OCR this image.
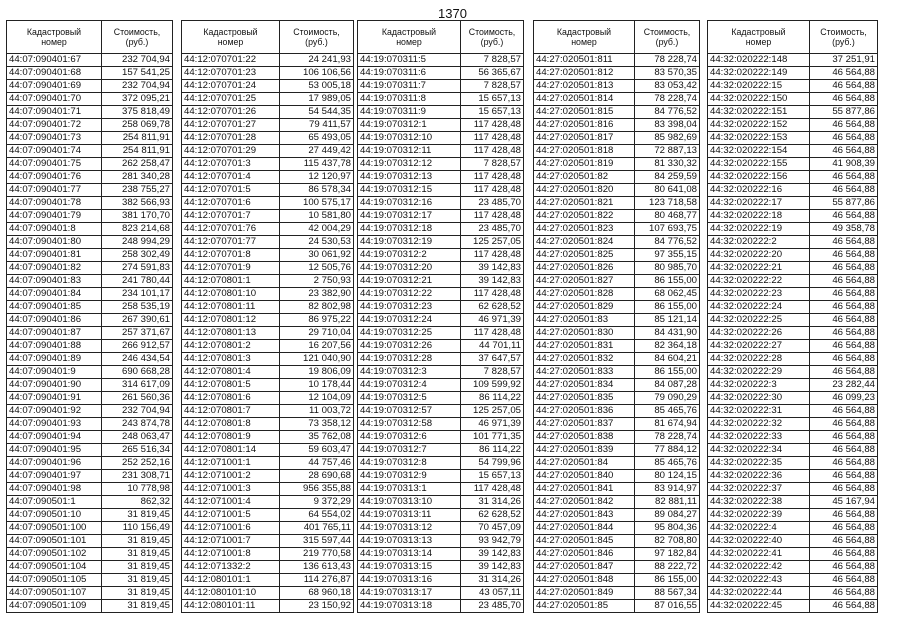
1370
Кадастровый
номер	Стоимость,
(руб.)

44:07:090401:67	232 704,94
44:07:090401:68	157 541,25
44:07:090401:69	232 704,94
44:07:090401:70	372 095,21
44:07:090401:71	375 818,49
44:07:090401:72	258 069,78
44:07:090401:73	254 811,91
44:07:090401:74	254 811,91
44:07:090401:75	262 258,47
44:07:090401:76	281 340,28
44:07:090401:77	238 755,27
44:07:090401:78	382 566,93
44:07:090401:79	381 170,70
44:07:090401:8	823 214,68
44:07:090401:80	248 994,29
44:07:090401:81	258 302,49
44:07:090401:82	274 591,83
44:07:090401:83	241 780,44
44:07:090401:84	234 101,17
44:07:090401:85	258 535,19
44:07:090401:86	267 390,61
44:07:090401:87	257 371,67
44:07:090401:88	266 912,57
44:07:090401:89	246 434,54
44:07:090401:9	690 668,28
44:07:090401:90	314 617,09
44:07:090401:91	261 560,36
44:07:090401:92	232 704,94
44:07:090401:93	243 874,78
44:07:090401:94	248 063,47
44:07:090401:95	265 516,34
44:07:090401:96	252 252,16
44:07:090401:97	231 308,71
44:07:090401:98	10 778,98
44:07:090501:1	862,32
44:07:090501:10	31 819,45
44:07:090501:100	110 156,49
44:07:090501:101	31 819,45
44:07:090501:102	31 819,45
44:07:090501:104	31 819,45
44:07:090501:105	31 819,45
44:07:090501:107	31 819,45
44:07:090501:109	31 819,45
Кадастровый
номер	Стоимость,
(руб.)

44:12:070701:22	24 241,93
44:12:070701:23	106 106,56
44:12:070701:24	53 005,18
44:12:070701:25	17 989,05
44:12:070701:26	54 544,35
44:12:070701:27	79 411,57
44:12:070701:28	65 493,05
44:12:070701:29	27 449,42
44:12:070701:3	115 437,78
44:12:070701:4	12 120,97
44:12:070701:5	86 578,34
44:12:070701:6	100 575,17
44:12:070701:7	10 581,80
44:12:070701:76	42 004,29
44:12:070701:77	24 530,53
44:12:070701:8	30 061,92
44:12:070701:9	12 505,76
44:12:070801:1	2 750,93
44:12:070801:10	23 382,90
44:12:070801:11	82 802,98
44:12:070801:12	86 975,22
44:12:070801:13	29 710,04
44:12:070801:2	16 207,56
44:12:070801:3	121 040,90
44:12:070801:4	19 806,09
44:12:070801:5	10 178,44
44:12:070801:6	12 104,09
44:12:070801:7	11 003,72
44:12:070801:8	73 358,12
44:12:070801:9	35 762,08
44:12:070801:14	59 603,47
44:12:071001:1	44 757,46
44:12:071001:2	28 690,68
44:12:071001:3	956 355,88
44:12:071001:4	9 372,29
44:12:071001:5	64 554,02
44:12:071001:6	401 765,11
44:12:071001:7	315 597,44
44:12:071001:8	219 770,58
44:12:071332:2	136 613,43
44:12:080101:1	114 276,87
44:12:080101:10	68 960,18
44:12:080101:11	23 150,92
Кадастровый
номер	Стоимость,
(руб.)

44:19:070311:5	7 828,57
44:19:070311:6	56 365,67
44:19:070311:7	7 828,57
44:19:070311:8	15 657,13
44:19:070311:9	15 657,13
44:19:070312:1	117 428,48
44:19:070312:10	117 428,48
44:19:070312:11	117 428,48
44:19:070312:12	7 828,57
44:19:070312:13	117 428,48
44:19:070312:15	117 428,48
44:19:070312:16	23 485,70
44:19:070312:17	117 428,48
44:19:070312:18	23 485,70
44:19:070312:19	125 257,05
44:19:070312:2	117 428,48
44:19:070312:20	39 142,83
44:19:070312:21	39 142,83
44:19:070312:22	117 428,48
44:19:070312:23	62 628,52
44:19:070312:24	46 971,39
44:19:070312:25	117 428,48
44:19:070312:26	44 701,11
44:19:070312:28	37 647,57
44:19:070312:3	7 828,57
44:19:070312:4	109 599,92
44:19:070312:5	86 114,22
44:19:070312:57	125 257,05
44:19:070312:58	46 971,39
44:19:070312:6	101 771,35
44:19:070312:7	86 114,22
44:19:070312:8	54 799,96
44:19:070312:9	15 657,13
44:19:070313:1	117 428,48
44:19:070313:10	31 314,26
44:19:070313:11	62 628,52
44:19:070313:12	70 457,09
44:19:070313:13	93 942,79
44:19:070313:14	39 142,83
44:19:070313:15	39 142,83
44:19:070313:16	31 314,26
44:19:070313:17	43 057,11
44:19:070313:18	23 485,70
Кадастровый
номер	Стоимость,
(руб.)

44:27:020501:811	78 228,74
44:27:020501:812	83 570,35
44:27:020501:813	83 053,42
44:27:020501:814	78 228,74
44:27:020501:815	84 776,52
44:27:020501:816	83 398,04
44:27:020501:817	85 982,69
44:27:020501:818	72 887,13
44:27:020501:819	81 330,32
44:27:020501:82	84 259,59
44:27:020501:820	80 641,08
44:27:020501:821	123 718,58
44:27:020501:822	80 468,77
44:27:020501:823	107 693,75
44:27:020501:824	84 776,52
44:27:020501:825	97 355,15
44:27:020501:826	80 985,70
44:27:020501:827	86 155,00
44:27:020501:828	68 062,45
44:27:020501:829	86 155,00
44:27:020501:83	85 121,14
44:27:020501:830	84 431,90
44:27:020501:831	82 364,18
44:27:020501:832	84 604,21
44:27:020501:833	86 155,00
44:27:020501:834	84 087,28
44:27:020501:835	79 090,29
44:27:020501:836	85 465,76
44:27:020501:837	81 674,94
44:27:020501:838	78 228,74
44:27:020501:839	77 884,12
44:27:020501:84	85 465,76
44:27:020501:840	80 124,15
44:27:020501:841	83 914,97
44:27:020501:842	82 881,11
44:27:020501:843	89 084,27
44:27:020501:844	95 804,36
44:27:020501:845	82 708,80
44:27:020501:846	97 182,84
44:27:020501:847	88 222,72
44:27:020501:848	86 155,00
44:27:020501:849	88 567,34
44:27:020501:85	87 016,55
Кадастровый
номер	Стоимость,
(руб.)

44:32:020222:148	37 251,91
44:32:020222:149	46 564,88
44:32:020222:15	46 564,88
44:32:020222:150	46 564,88
44:32:020222:151	55 877,86
44:32:020222:152	46 564,88
44:32:020222:153	46 564,88
44:32:020222:154	46 564,88
44:32:020222:155	41 908,39
44:32:020222:156	46 564,88
44:32:020222:16	46 564,88
44:32:020222:17	55 877,86
44:32:020222:18	46 564,88
44:32:020222:19	49 358,78
44:32:020222:2	46 564,88
44:32:020222:20	46 564,88
44:32:020222:21	46 564,88
44:32:020222:22	46 564,88
44:32:020222:23	46 564,88
44:32:020222:24	46 564,88
44:32:020222:25	46 564,88
44:32:020222:26	46 564,88
44:32:020222:27	46 564,88
44:32:020222:28	46 564,88
44:32:020222:29	46 564,88
44:32:020222:3	23 282,44
44:32:020222:30	46 099,23
44:32:020222:31	46 564,88
44:32:020222:32	46 564,88
44:32:020222:33	46 564,88
44:32:020222:34	46 564,88
44:32:020222:35	46 564,88
44:32:020222:36	46 564,88
44:32:020222:37	46 564,88
44:32:020222:38	45 167,94
44:32:020222:39	46 564,88
44:32:020222:4	46 564,88
44:32:020222:40	46 564,88
44:32:020222:41	46 564,88
44:32:020222:42	46 564,88
44:32:020222:43	46 564,88
44:32:020222:44	46 564,88
44:32:020222:45	46 564,88
